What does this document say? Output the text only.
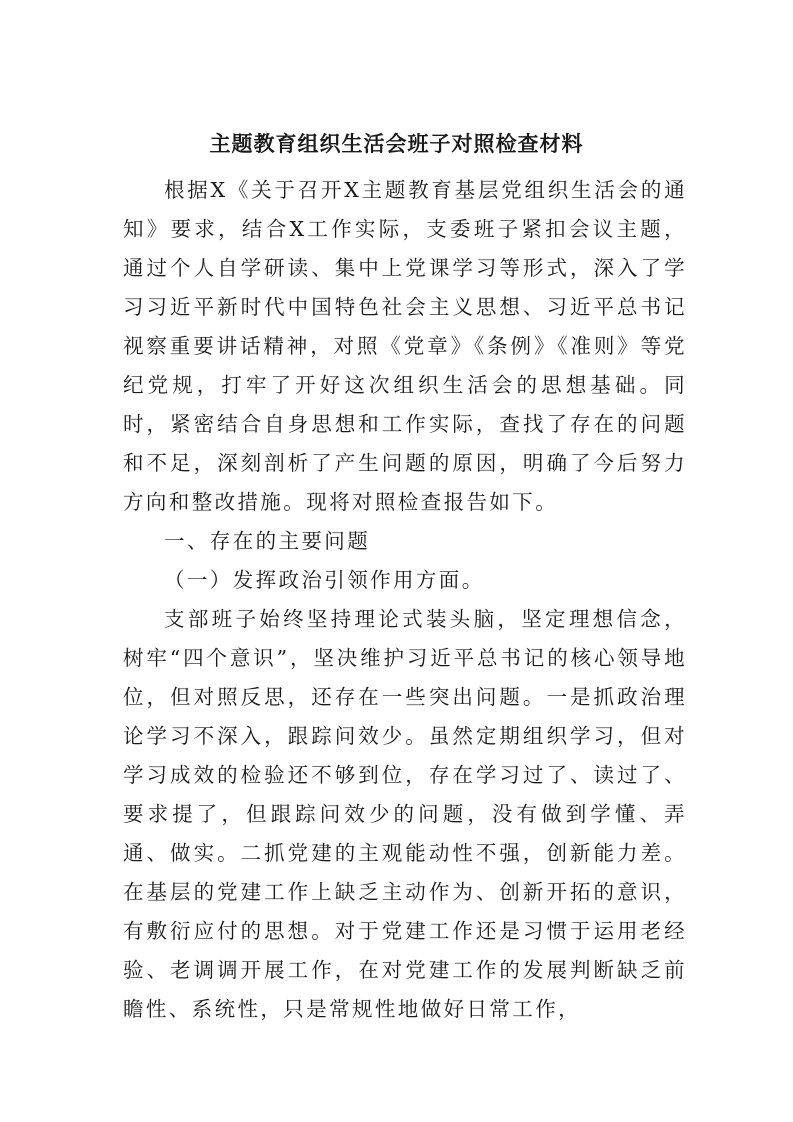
主题教育组织生活会班子对照检查材料

根据X《关于召开X主题教育基层党组织生活会的通知》要求，结合X工作实际，支委班子紧扣会议主题，通过个人自学研读、集中上党课学习等形式，深入了学习习近平新时代中国特色社会主义思想、习近平总书记视察重要讲话精神，对照《党章》《条例》《准则》等党纪党规，打牢了开好这次组织生活会的思想基础。同时，紧密结合自身思想和工作实际，查找了存在的问题和不足，深刻剖析了产生问题的原因，明确了今后努力方向和整改措施。现将对照检查报告如下。

一、存在的主要问题

（一）发挥政治引领作用方面。

支部班子始终坚持理论式装头脑，坚定理想信念，树牢“四个意识”，坚决维护习近平总书记的核心领导地位，但对照反思，还存在一些突出问题。一是抓政治理论学习不深入，跟踪问效少。虽然定期组织学习，但对学习成效的检验还不够到位，存在学习过了、读过了、要求提了，但跟踪问效少的问题，没有做到学懂、弄通、做实。二抓党建的主观能动性不强，创新能力差。在基层的党建工作上缺乏主动作为、创新开拓的意识，有敷衍应付的思想。对于党建工作还是习惯于运用老经验、老调调开展工作，在对党建工作的发展判断缺乏前瞻性、系统性，只是常规性地做好日常工作，
